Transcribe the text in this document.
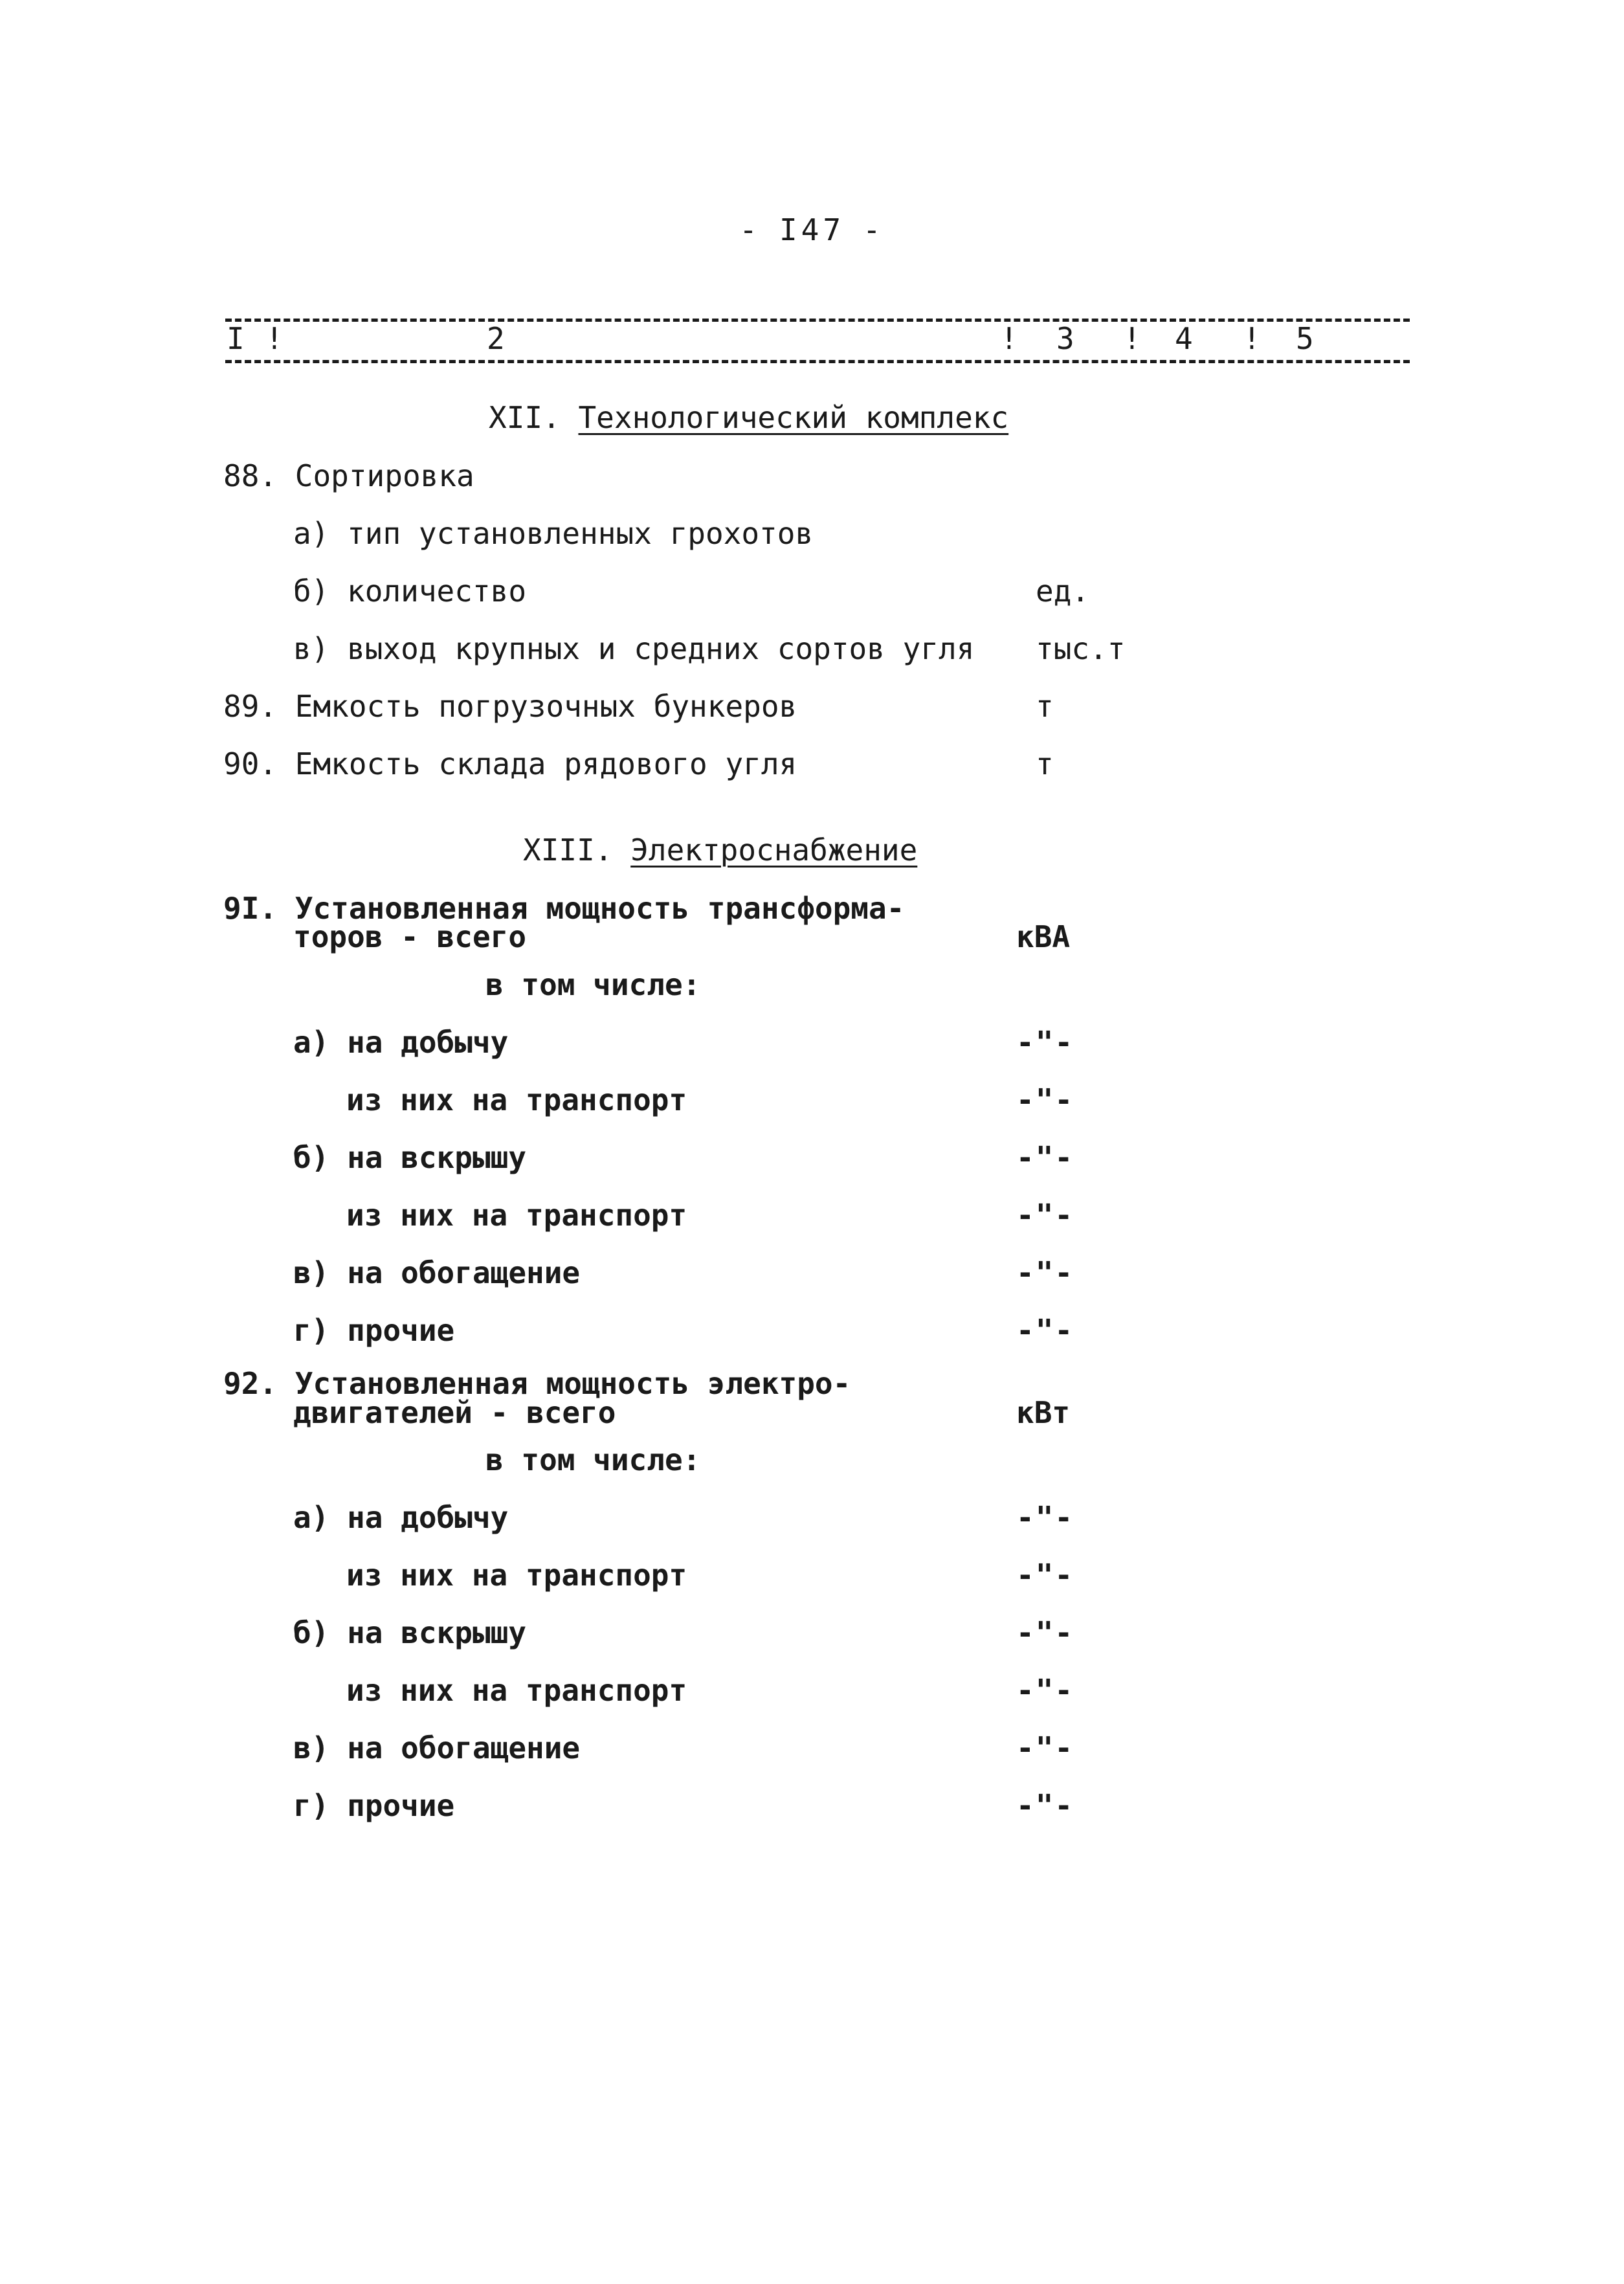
- I47 -
I !	2	! 3 ! 4 ! 5
XII. Технологический комплекс
88. Сортировка
а) тип установленных грохотов
б) количество	ед.
в) выход крупных и средних сортов угля тыс.т
89. Емкость погрузочных бункеров	т
90. Емкость склада рядового угля	т
XIII. Электроснабжение
9I. Установленная мощность трансформа-
торов - всего	кВА
в том числе:
а) на добычу	-"-
из них на транспорт	-"-
б) на вскрышу	-"-
из них на транспорт	-"-
в) на обогащение	-"-
г) прочие	-"-
92. Установленная мощность электро-
двигателей - всего	кВт
в том числе:
а) на добычу	-"-
из них на транспорт	-"-
б) на вскрышу	-"-
из них на транспорт	-"-
в) на обогащение	-"-
г) прочие	-"-
